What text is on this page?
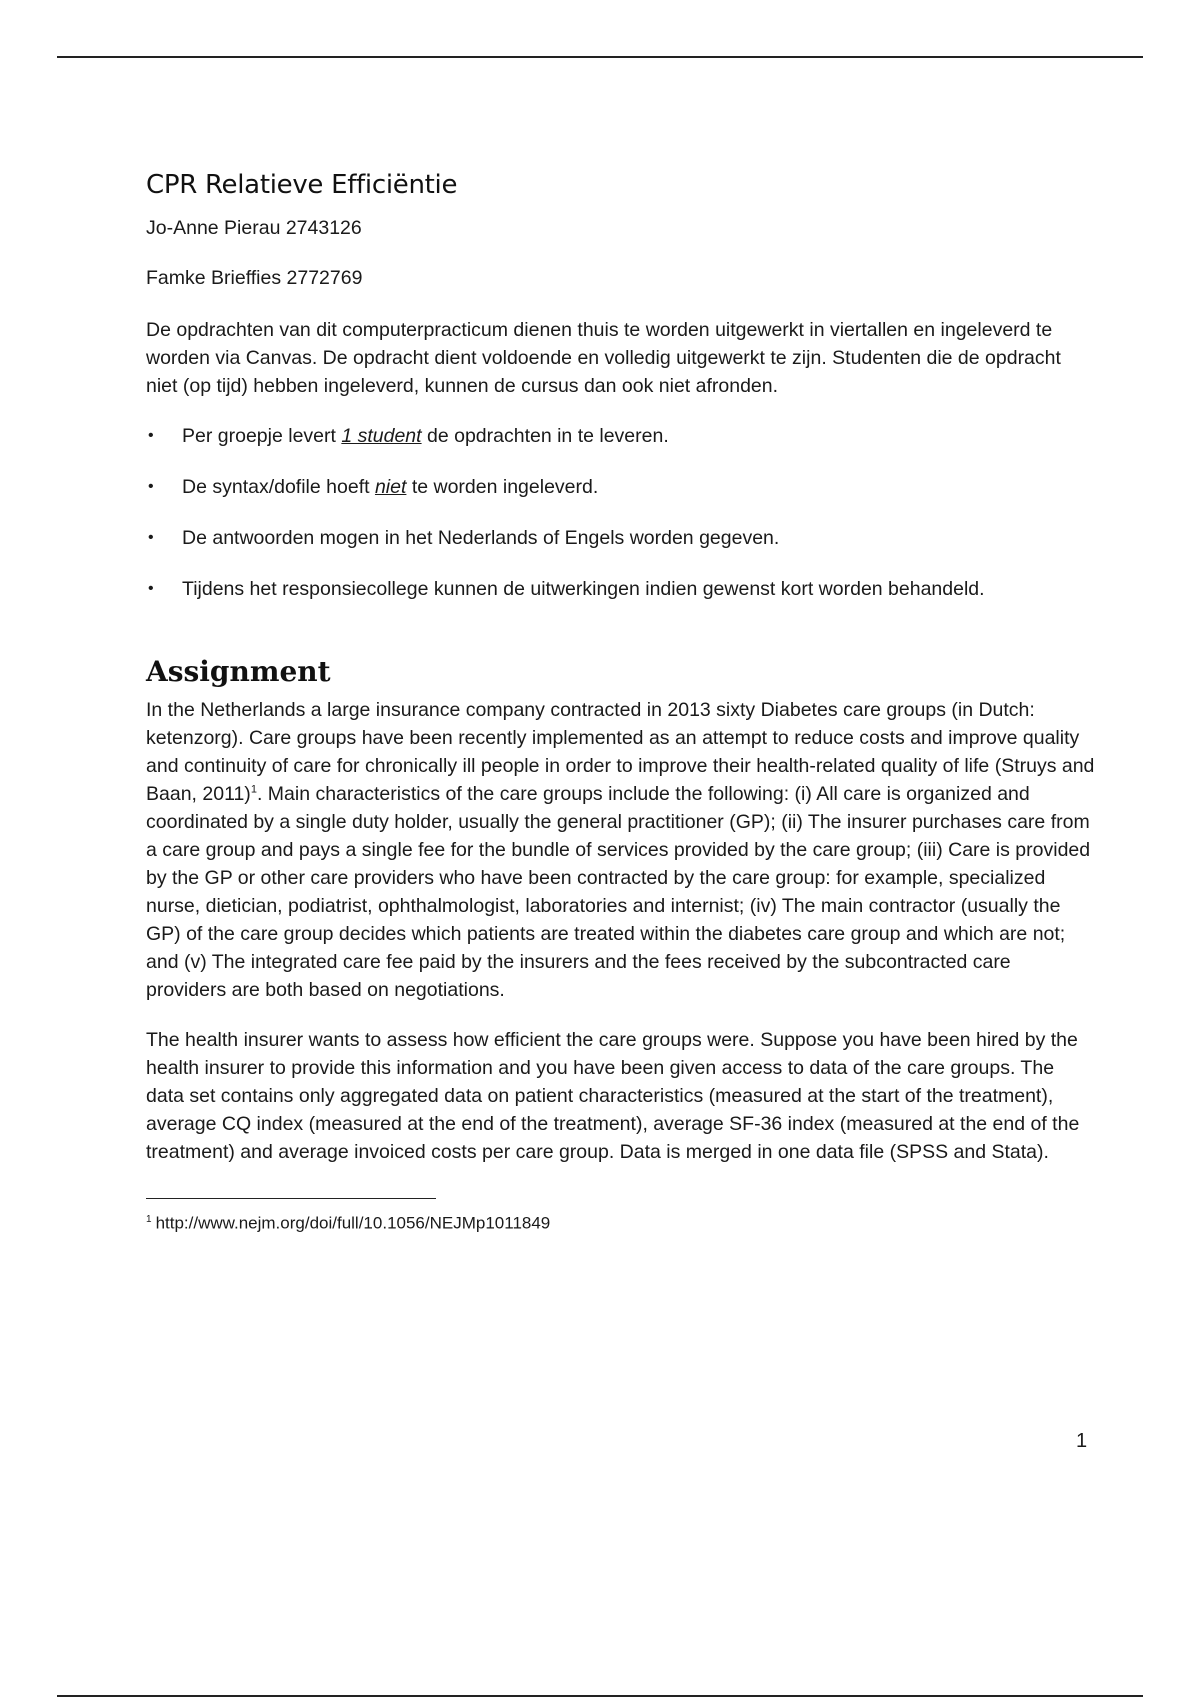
CPR Relatieve Efficiëntie

Jo-Anne Pierau 2743126

Famke Brieffies 2772769

De opdrachten van dit computerpracticum dienen thuis te worden uitgewerkt in viertallen en ingeleverd te worden via Canvas. De opdracht dient voldoende en volledig uitgewerkt te zijn. Studenten die de opdracht niet (op tijd) hebben ingeleverd, kunnen de cursus dan ook niet afronden.

• Per groepje levert 1 student de opdrachten in te leveren.
• De syntax/dofile hoeft niet te worden ingeleverd.
• De antwoorden mogen in het Nederlands of Engels worden gegeven.
• Tijdens het responsiecollege kunnen de uitwerkingen indien gewenst kort worden behandeld.
Assignment

In the Netherlands a large insurance company contracted in 2013 sixty Diabetes care groups (in Dutch: ketenzorg). Care groups have been recently implemented as an attempt to reduce costs and improve quality and continuity of care for chronically ill people in order to improve their health-related quality of life (Struys and Baan, 2011)$^1$. Main characteristics of the care groups include the following: (i) All care is organized and coordinated by a single duty holder, usually the general practitioner (GP); (ii) The insurer purchases care from a care group and pays a single fee for the bundle of services provided by the care group; (iii) Care is provided by the GP or other care providers who have been contracted by the care group: for example, specialized nurse, dietician, podiatrist, ophthalmologist, laboratories and internist; (iv) The main contractor (usually the GP) of the care group decides which patients are treated within the diabetes care group and which are not; and (v) The integrated care fee paid by the insurers and the fees received by the subcontracted care providers are both based on negotiations.

The health insurer wants to assess how efficient the care groups were. Suppose you have been hired by the health insurer to provide this information and you have been given access to data of the care groups. The data set contains only aggregated data on patient characteristics (measured at the start of the treatment), average CQ index (measured at the end of the treatment), average SF-36 index (measured at the end of the treatment) and average invoiced costs per care group. Data is merged in one data file (SPSS and Stata).

$^1$ http://www.nejm.org/doi/full/10.1056/NEJMp1011849
1
